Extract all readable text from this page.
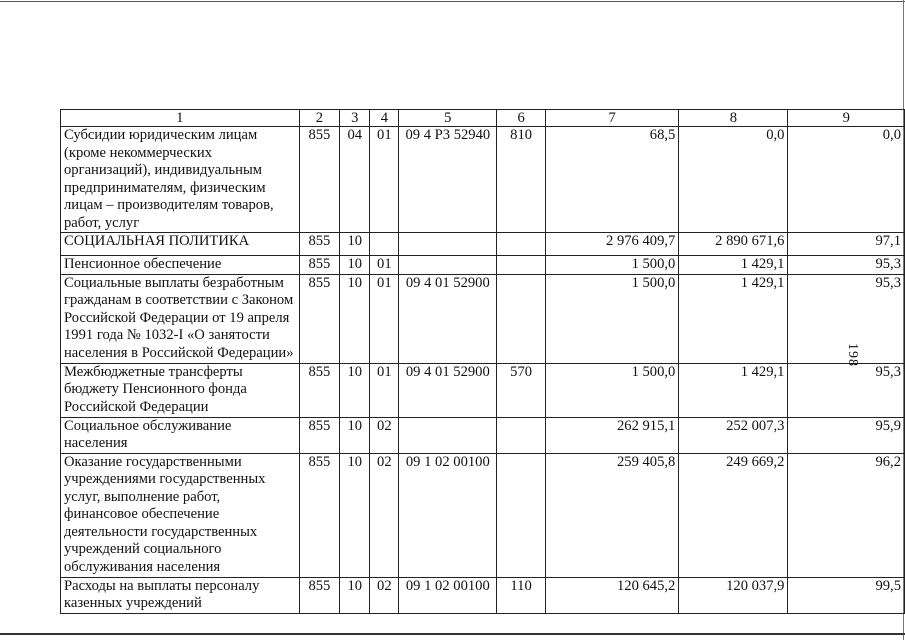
1	2	3	4	5	6	7	8	9
Субсидии юридическим лицам (кроме некоммерческих организаций), индивидуальным предпринимателям, физическим лицам – производителям товаров, работ, услуг	855	04	01	09 4 P3 52940	810	68,5	0,0	0,0
СОЦИАЛЬНАЯ ПОЛИТИКА	855	10				2 976 409,7	2 890 671,6	97,1
Пенсионное обеспечение	855	10	01			1 500,0	1 429,1	95,3
Социальные выплаты безработным гражданам в соответствии с Законом Российской Федерации от 19 апреля 1991 года № 1032-I «О занятости населения в Российской Федерации»	855	10	01	09 4 01 52900		1 500,0	1 429,1	95,3
Межбюджетные трансферты бюджету Пенсионного фонда Российской Федерации	855	10	01	09 4 01 52900	570	1 500,0	1 429,1	95,3
Социальное обслуживание населения	855	10	02			262 915,1	252 007,3	95,9
Оказание государственными учреждениями государственных услуг, выполнение работ, финансовое обеспечение деятельности государственных учреждений социального обслуживания населения	855	10	02	09 1 02 00100		259 405,8	249 669,2	96,2
Расходы на выплаты персоналу казенных учреждений	855	10	02	09 1 02 00100	110	120 645,2	120 037,9	99,5
198
